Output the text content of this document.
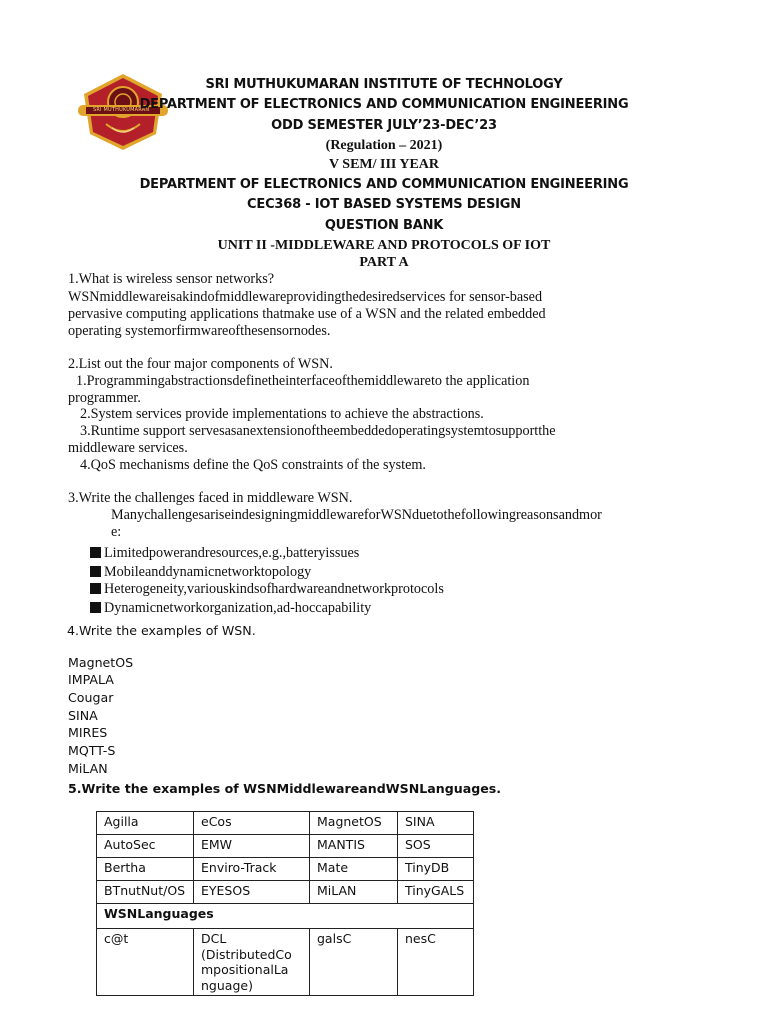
SRI MUTHUKUMARAN
SRI MUTHUKUMARAN INSTITUTE OF TECHNOLOGY
DEPARTMENT OF ELECTRONICS AND COMMUNICATION ENGINEERING
ODD SEMESTER JULY’23-DEC’23
(Regulation – 2021)
V SEM/ III YEAR
DEPARTMENT OF ELECTRONICS AND COMMUNICATION ENGINEERING
CEC368 - IOT BASED SYSTEMS DESIGN
QUESTION BANK
UNIT II -MIDDLEWARE AND PROTOCOLS OF IOT
PART A
1.What is wireless sensor networks?
WSNmiddlewareisakindofmiddlewareprovidingthedesiredservices for sensor-based
pervasive computing applications thatmake use of a WSN and the related embedded
operating systemorfirmwareofthesensornodes.
2.List out the four major components of WSN.
1.Programmingabstractionsdefinetheinterfaceofthemiddlewareto the application
programmer.
2.System services provide implementations to achieve the abstractions.
3.Runtime support servesasanextensionoftheembeddedoperatingsystemtosupportthe
middleware services.
4.QoS mechanisms define the QoS constraints of the system.
3.Write the challenges faced in middleware WSN.
ManychallengesariseindesigningmiddlewareforWSNduetothefollowingreasonsandmor
e:
Limitedpowerandresources,e.g.,batteryissues
Mobileanddynamicnetworktopology
Heterogeneity,variouskindsofhardwareandnetworkprotocols
Dynamicnetworkorganization,ad-hoccapability
4.Write the examples of WSN.
MagnetOS
IMPALA
Cougar
SINA
MIRES
MQTT-S
MiLAN
5.Write the examples of WSNMiddlewareandWSNLanguages.
Agilla	eCos	MagnetOS	SINA
AutoSec	EMW	MANTIS	SOS
Bertha	Enviro-Track	Mate	TinyDB
BTnutNut/OS	EYESOS	MiLAN	TinyGALS
WSNLanguages			
c@t	DCL
(DistributedCo
mpositionalLa
nguage)	galsC	nesC
